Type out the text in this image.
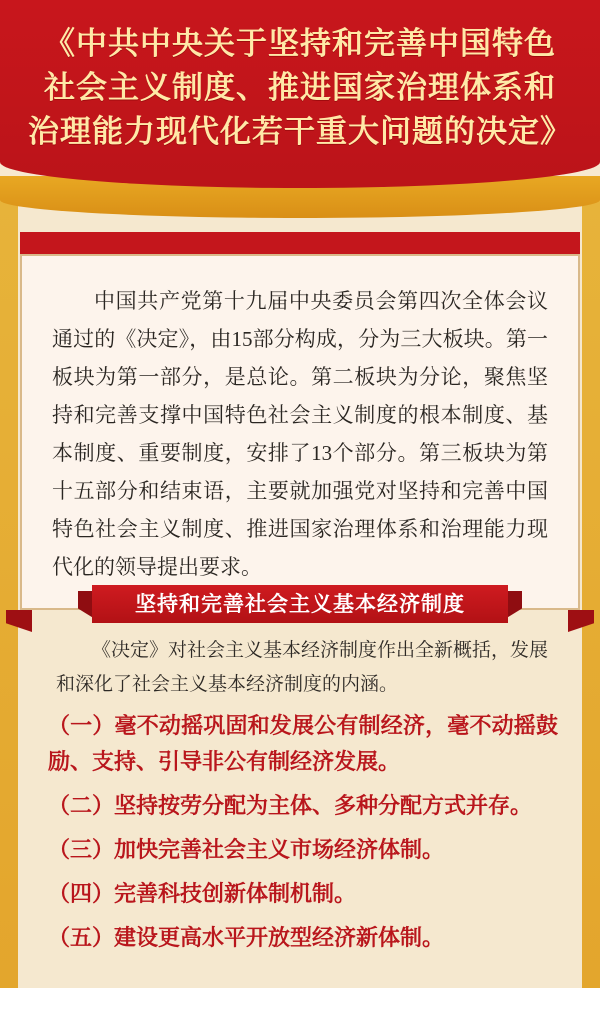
《中共中央关于坚持和完善中国特色
社会主义制度、推进国家治理体系和
治理能力现代化若干重大问题的决定》
中国共产党第十九届中央委员会第四次全体会议通过的《决定》，由15部分构成，分为三大板块。第一板块为第一部分，是总论。第二板块为分论，聚焦坚持和完善支撑中国特色社会主义制度的根本制度、基本制度、重要制度，安排了13个部分。第三板块为第十五部分和结束语，主要就加强党对坚持和完善中国特色社会主义制度、推进国家治理体系和治理能力现代化的领导提出要求。
坚持和完善社会主义基本经济制度
《决定》对社会主义基本经济制度作出全新概括，发展和深化了社会主义基本经济制度的内涵。
（一）毫不动摇巩固和发展公有制经济，毫不动摇鼓励、支持、引导非公有制经济发展。
（二）坚持按劳分配为主体、多种分配方式并存。
（三）加快完善社会主义市场经济体制。
（四）完善科技创新体制机制。
（五）建设更高水平开放型经济新体制。
